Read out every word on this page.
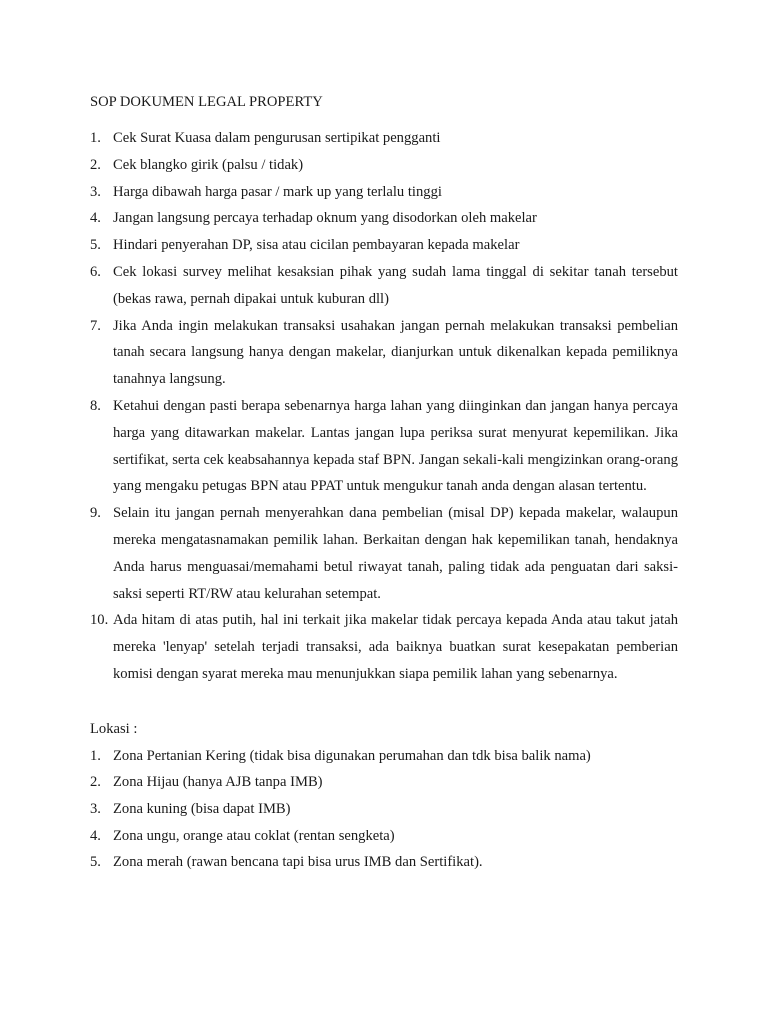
SOP DOKUMEN LEGAL PROPERTY
1. Cek Surat Kuasa dalam pengurusan sertipikat pengganti
2. Cek blangko girik (palsu / tidak)
3. Harga dibawah harga pasar / mark up yang terlalu tinggi
4. Jangan langsung percaya terhadap oknum yang disodorkan oleh makelar
5. Hindari penyerahan DP, sisa atau cicilan pembayaran kepada makelar
6. Cek lokasi survey melihat kesaksian pihak yang sudah lama tinggal di sekitar tanah tersebut (bekas rawa, pernah dipakai untuk kuburan dll)
7. Jika Anda ingin melakukan transaksi usahakan jangan pernah melakukan transaksi pembelian tanah secara langsung hanya dengan makelar, dianjurkan untuk dikenalkan kepada pemiliknya tanahnya langsung.
8. Ketahui dengan pasti berapa sebenarnya harga lahan yang diinginkan dan jangan hanya percaya harga yang ditawarkan makelar. Lantas jangan lupa periksa surat menyurat kepemilikan. Jika sertifikat, serta cek keabsahannya kepada staf BPN. Jangan sekali-kali mengizinkan orang-orang yang mengaku petugas BPN atau PPAT untuk mengukur tanah anda dengan alasan tertentu.
9. Selain itu jangan pernah menyerahkan dana pembelian (misal DP) kepada makelar, walaupun mereka mengatasnamakan pemilik lahan. Berkaitan dengan hak kepemilikan tanah, hendaknya Anda harus menguasai/memahami betul riwayat tanah, paling tidak ada penguatan dari saksi-saksi seperti RT/RW atau kelurahan setempat.
10. Ada hitam di atas putih, hal ini terkait jika makelar tidak percaya kepada Anda atau takut jatah mereka 'lenyap' setelah terjadi transaksi, ada baiknya buatkan surat kesepakatan pemberian komisi dengan syarat mereka mau menunjukkan siapa pemilik lahan yang sebenarnya.
Lokasi :
1. Zona Pertanian Kering (tidak bisa digunakan perumahan dan tdk bisa balik nama)
2. Zona Hijau (hanya AJB tanpa IMB)
3. Zona kuning (bisa dapat IMB)
4. Zona ungu, orange atau coklat (rentan sengketa)
5. Zona merah (rawan bencana tapi bisa urus IMB dan Sertifikat).
